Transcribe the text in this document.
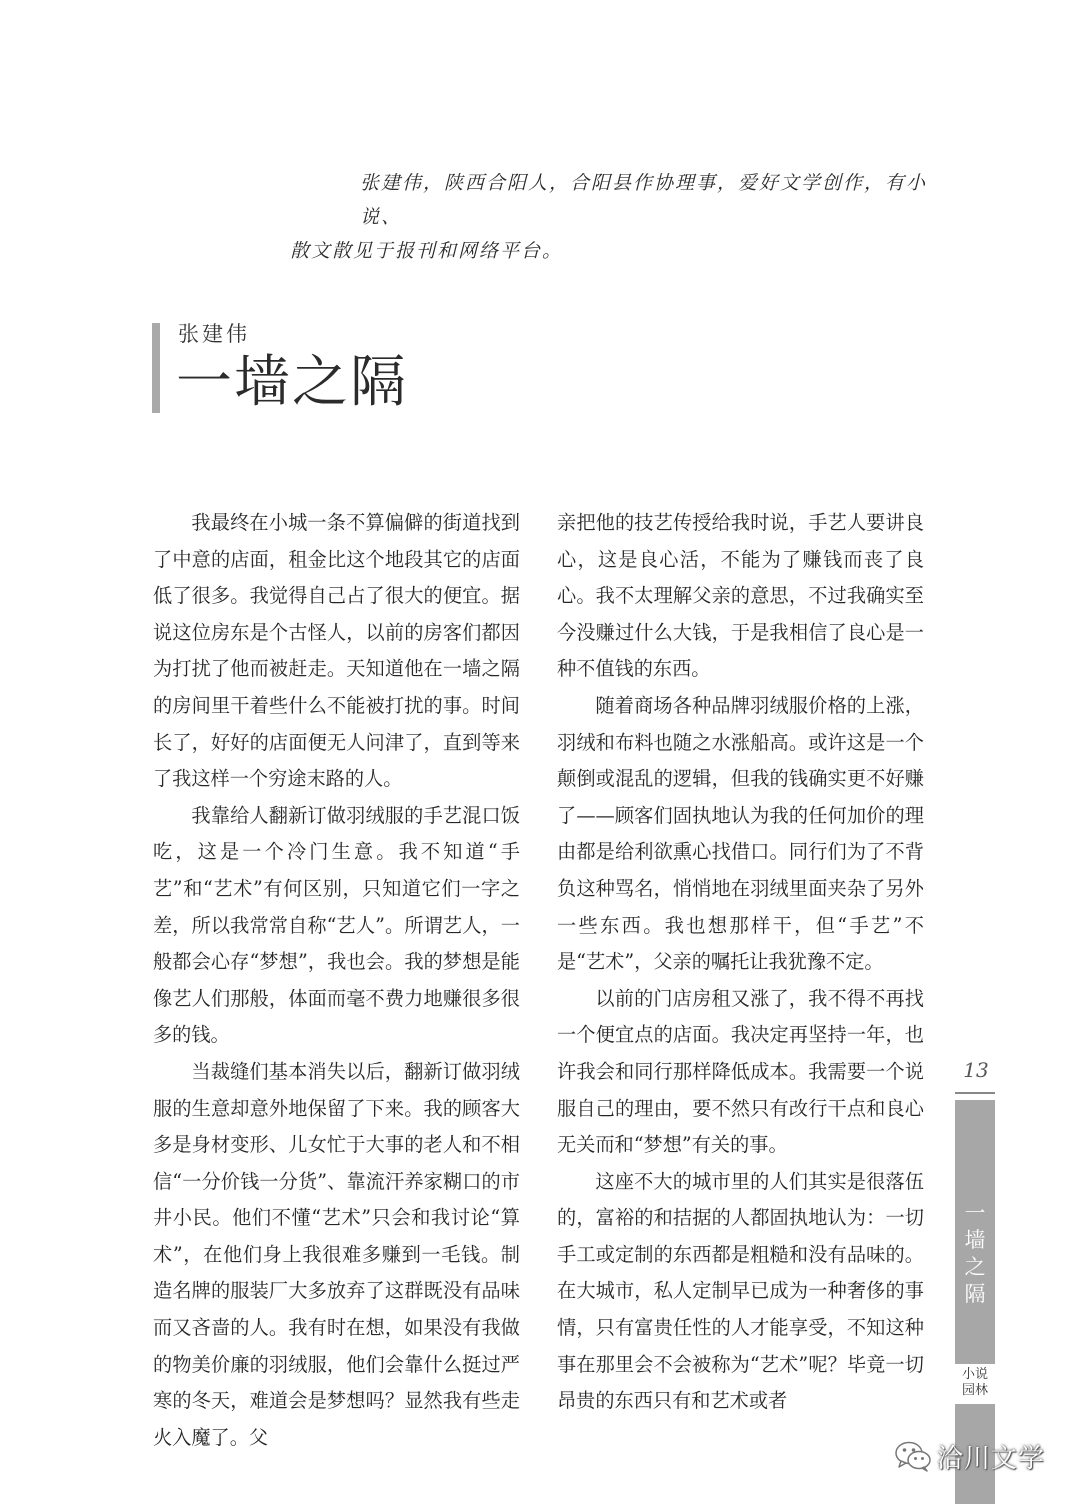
张建伟，陕西合阳人，合阳县作协理事，爱好文学创作，有小说、

散文散见于报刊和网络平台。

张建伟
一墙之隔

我最终在小城一条不算偏僻的街道找到了中意的店面，租金比这个地段其它的店面低了很多。我觉得自己占了很大的便宜。据说这位房东是个古怪人，以前的房客们都因为打扰了他而被赶走。天知道他在一墙之隔的房间里干着些什么不能被打扰的事。时间长了，好好的店面便无人问津了，直到等来了我这样一个穷途末路的人。

我靠给人翻新订做羽绒服的手艺混口饭吃，这是一个冷门生意。我不知道“手艺”和“艺术”有何区别，只知道它们一字之差，所以我常常自称“艺人”。所谓艺人，一般都会心存“梦想”，我也会。我的梦想是能像艺人们那般，体面而毫不费力地赚很多很多的钱。

当裁缝们基本消失以后，翻新订做羽绒服的生意却意外地保留了下来。我的顾客大多是身材变形、儿女忙于大事的老人和不相信“一分价钱一分货”、靠流汗养家糊口的市井小民。他们不懂“艺术”只会和我讨论“算术”，在他们身上我很难多赚到一毛钱。制造名牌的服装厂大多放弃了这群既没有品味而又吝啬的人。我有时在想，如果没有我做的物美价廉的羽绒服，他们会靠什么挺过严寒的冬天，难道会是梦想吗？显然我有些走火入魔了。父

亲把他的技艺传授给我时说，手艺人要讲良心，这是良心活，不能为了赚钱而丧了良心。我不太理解父亲的意思，不过我确实至今没赚过什么大钱，于是我相信了良心是一种不值钱的东西。

随着商场各种品牌羽绒服价格的上涨，羽绒和布料也随之水涨船高。或许这是一个颠倒或混乱的逻辑，但我的钱确实更不好赚了——顾客们固执地认为我的任何加价的理由都是给利欲熏心找借口。同行们为了不背负这种骂名，悄悄地在羽绒里面夹杂了另外一些东西。我也想那样干，但“手艺”不是“艺术”，父亲的嘱托让我犹豫不定。

以前的门店房租又涨了，我不得不再找一个便宜点的店面。我决定再坚持一年，也许我会和同行那样降低成本。我需要一个说服自己的理由，要不然只有改行干点和良心无关而和“梦想”有关的事。

这座不大的城市里的人们其实是很落伍的，富裕的和拮据的人都固执地认为：一切手工或定制的东西都是粗糙和没有品味的。在大城市，私人定制早已成为一种奢侈的事情，只有富贵任性的人才能享受，不知这种事在那里会不会被称为“艺术”呢？毕竟一切昂贵的东西只有和艺术或者

13
一
墙
之
隔
小说
园林
洽川文学
